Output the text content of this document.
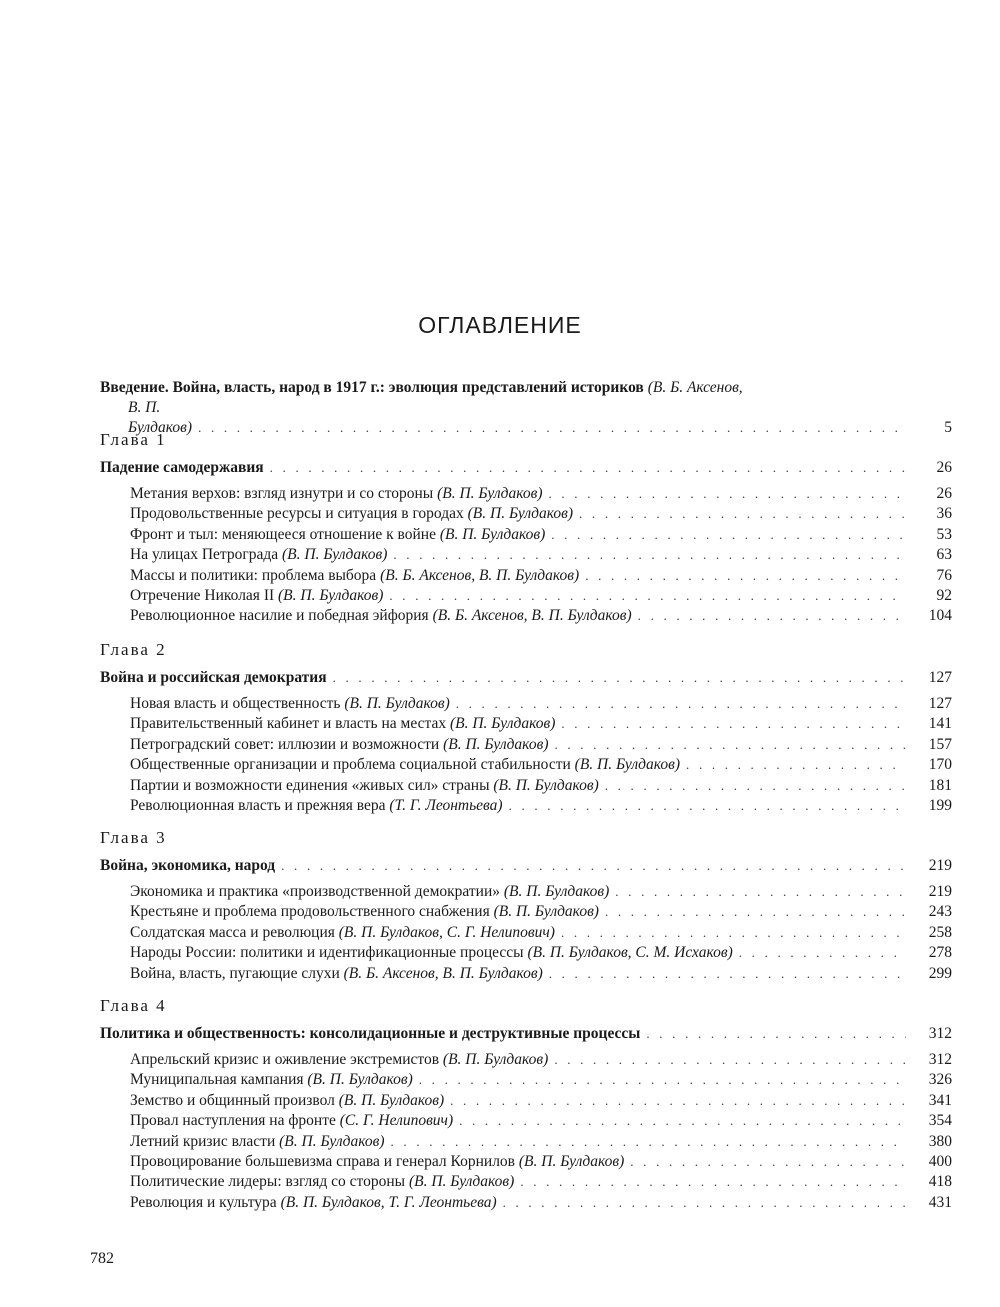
ОГЛАВЛЕНИЕ
Введение. Война, власть, народ в 1917 г.: эволюция представлений историков (В. Б. Аксенов,
В. П. Булдаков) . . .	5
Глава 1
Падение самодержавия . . .	26
Метания верхов: взгляд изнутри и со стороны (В. П. Булдаков) . . .	26
Продовольственные ресурсы и ситуация в городах (В. П. Булдаков) . . .	36
Фронт и тыл: меняющееся отношение к войне (В. П. Булдаков) . . .	53
На улицах Петрограда (В. П. Булдаков) . . .	63
Массы и политики: проблема выбора (В. Б. Аксенов, В. П. Булдаков) . . .	76
Отречение Николая II (В. П. Булдаков) . . .	92
Революционное насилие и победная эйфория (В. Б. Аксенов, В. П. Булдаков) . . .	104
Глава 2
Война и российская демократия . . .	127
Новая власть и общественность (В. П. Булдаков) . . .	127
Правительственный кабинет и власть на местах (В. П. Булдаков) . . .	141
Петроградский совет: иллюзии и возможности (В. П. Булдаков) . . .	157
Общественные организации и проблема социальной стабильности (В. П. Булдаков) . . .	170
Партии и возможности единения «живых сил» страны (В. П. Булдаков) . . .	181
Революционная власть и прежняя вера (Т. Г. Леонтьева) . . .	199
Глава 3
Война, экономика, народ . . .	219
Экономика и практика «производственной демократии» (В. П. Булдаков) . . .	219
Крестьяне и проблема продовольственного снабжения (В. П. Булдаков) . . .	243
Солдатская масса и революция (В. П. Булдаков, С. Г. Нелипович) . . .	258
Народы России: политики и идентификационные процессы (В. П. Булдаков, С. М. Исхаков) . . .	278
Война, власть, пугающие слухи (В. Б. Аксенов, В. П. Булдаков) . . .	299
Глава 4
Политика и общественность: консолидационные и деструктивные процессы . . .	312
Апрельский кризис и оживление экстремистов (В. П. Булдаков) . . .	312
Муниципальная кампания (В. П. Булдаков) . . .	326
Земство и общинный произвол (В. П. Булдаков) . . .	341
Провал наступления на фронте (С. Г. Нелипович) . . .	354
Летний кризис власти (В. П. Булдаков) . . .	380
Провоцирование большевизма справа и генерал Корнилов (В. П. Булдаков) . . .	400
Политические лидеры: взгляд со стороны (В. П. Булдаков) . . .	418
Революция и культура (В. П. Булдаков, Т. Г. Леонтьева) . . .	431
782
